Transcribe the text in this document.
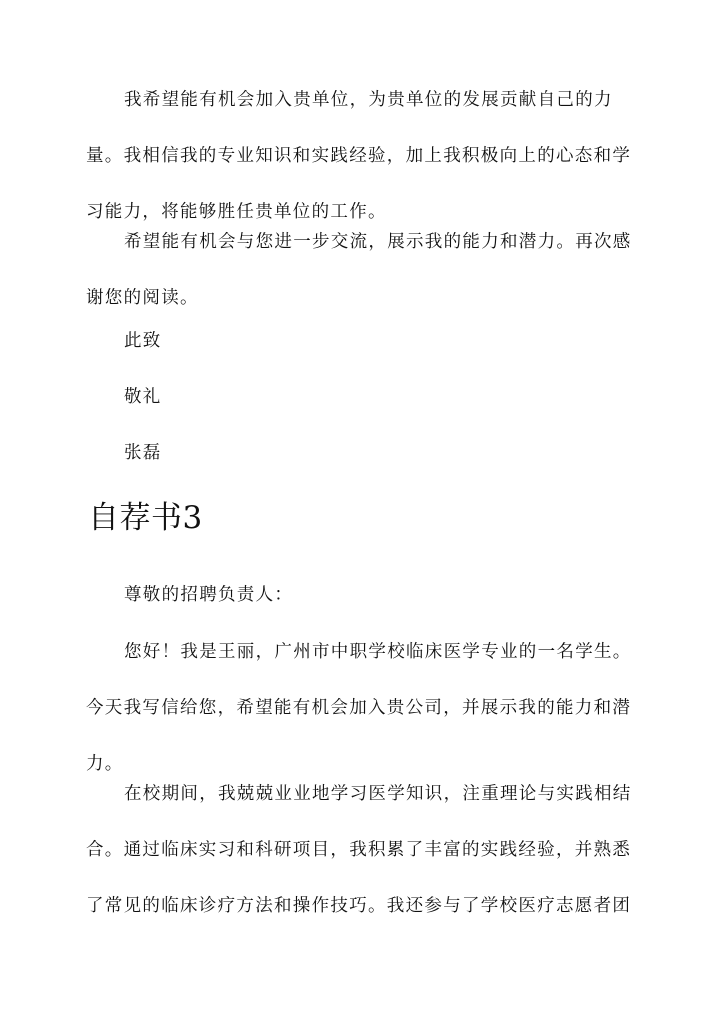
我希望能有机会加入贵单位，为贵单位的发展贡献自己的力量。我相信我的专业知识和实践经验，加上我积极向上的心态和学习能力，将能够胜任贵单位的工作。

希望能有机会与您进一步交流，展示我的能力和潜力。再次感谢您的阅读。

此致

敬礼

张磊

自荐书3

尊敬的招聘负责人：

您好！我是王丽，广州市中职学校临床医学专业的一名学生。今天我写信给您，希望能有机会加入贵公司，并展示我的能力和潜力。

在校期间，我兢兢业业地学习医学知识，注重理论与实践相结合。通过临床实习和科研项目，我积累了丰富的实践经验，并熟悉了常见的临床诊疗方法和操作技巧。我还参与了学校医疗志愿者团
